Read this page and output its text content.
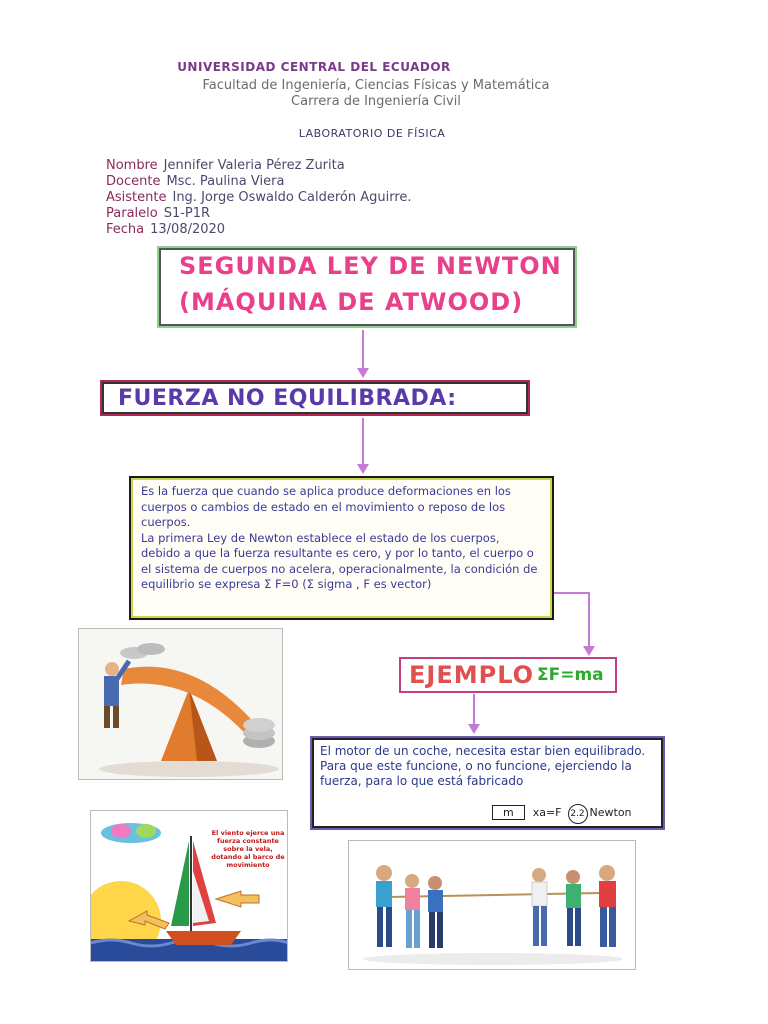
UNIVERSIDAD CENTRAL DEL ECUADOR
Facultad de Ingeniería, Ciencias Físicas y Matemática
Carrera de Ingeniería Civil
LABORATORIO DE FÍSICA
Nombre Jennifer Valeria Pérez Zurita
Docente Msc. Paulina Viera
Asistente Ing. Jorge Oswaldo Calderón Aguirre.
Paralelo S1-P1R
Fecha 13/08/2020
SEGUNDA LEY DE NEWTON
(MÁQUINA DE ATWOOD)
FUERZA NO EQUILIBRADA:

Es la fuerza que cuando se aplica produce deformaciones en los cuerpos o cambios de estado en el movimiento o reposo de los cuerpos.

La primera Ley de Newton establece el estado de los cuerpos, debido a que la fuerza resultante es cero, y por lo tanto, el cuerpo o el sistema de cuerpos no acelera, operacionalmente, la condición de equilibrio se expresa Σ F=0 (Σ sigma , F es vector)

EJEMPLO ΣF=ma

El motor de un coche, necesita estar bien equilibrado. Para que este funcione, o no funcione, ejerciendo la fuerza, para lo que está fabricado

m xa=F 2.2 Newton
El viento ejerce una fuerza constante sobre la vela, dotando al barco de movimiento
